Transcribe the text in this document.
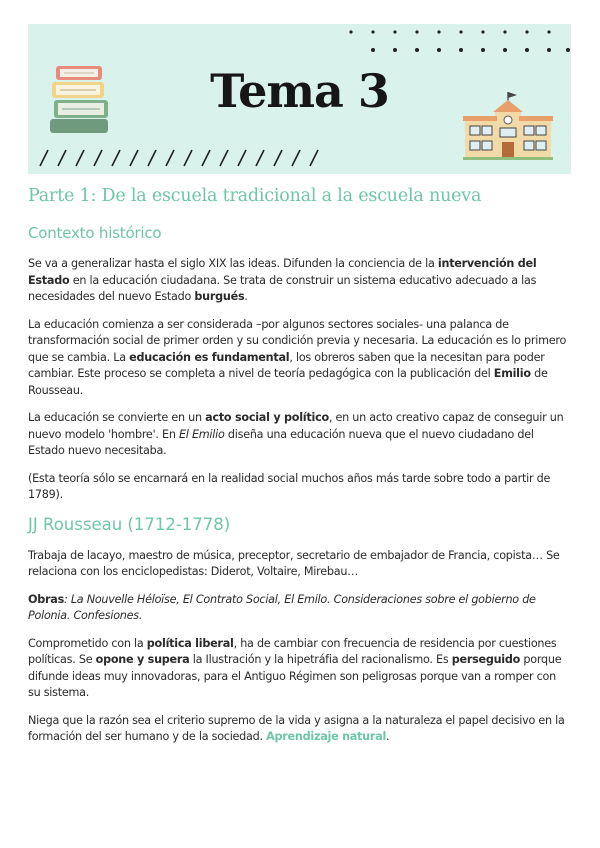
Tema 3
Parte 1: De la escuela tradicional a la escuela nueva
Contexto histórico

Se va a generalizar hasta el siglo XIX las ideas. Difunden la conciencia de la intervención del Estado en la educación ciudadana. Se trata de construir un sistema educativo adecuado a las necesidades del nuevo Estado burgués.

La educación comienza a ser considerada –por algunos sectores sociales- una palanca de transformación social de primer orden y su condición previa y necesaria. La educación es lo primero que se cambia. La educación es fundamental, los obreros saben que la necesitan para poder cambiar. Este proceso se completa a nivel de teoría pedagógica con la publicación del Emilio de Rousseau.

La educación se convierte en un acto social y político, en un acto creativo capaz de conseguir un nuevo modelo 'hombre'. En El Emilio diseña una educación nueva que el nuevo ciudadano del Estado nuevo necesitaba.

(Esta teoría sólo se encarnará en la realidad social muchos años más tarde sobre todo a partir de 1789).

JJ Rousseau (1712-1778)

Trabaja de lacayo, maestro de música, preceptor, secretario de embajador de Francia, copista… Se relaciona con los enciclopedistas: Diderot, Voltaire, Mirebau…

Obras: La Nouvelle Héloïse, El Contrato Social, El Emilo. Consideraciones sobre el gobierno de Polonia. Confesiones.

Comprometido con la política liberal, ha de cambiar con frecuencia de residencia por cuestiones políticas. Se opone y supera la Ilustración y la hipetráfia del racionalismo. Es perseguido porque difunde ideas muy innovadoras, para el Antiguo Régimen son peligrosas porque van a romper con su sistema.

Niega que la razón sea el criterio supremo de la vida y asigna a la naturaleza el papel decisivo en la formación del ser humano y de la sociedad. Aprendizaje natural.
